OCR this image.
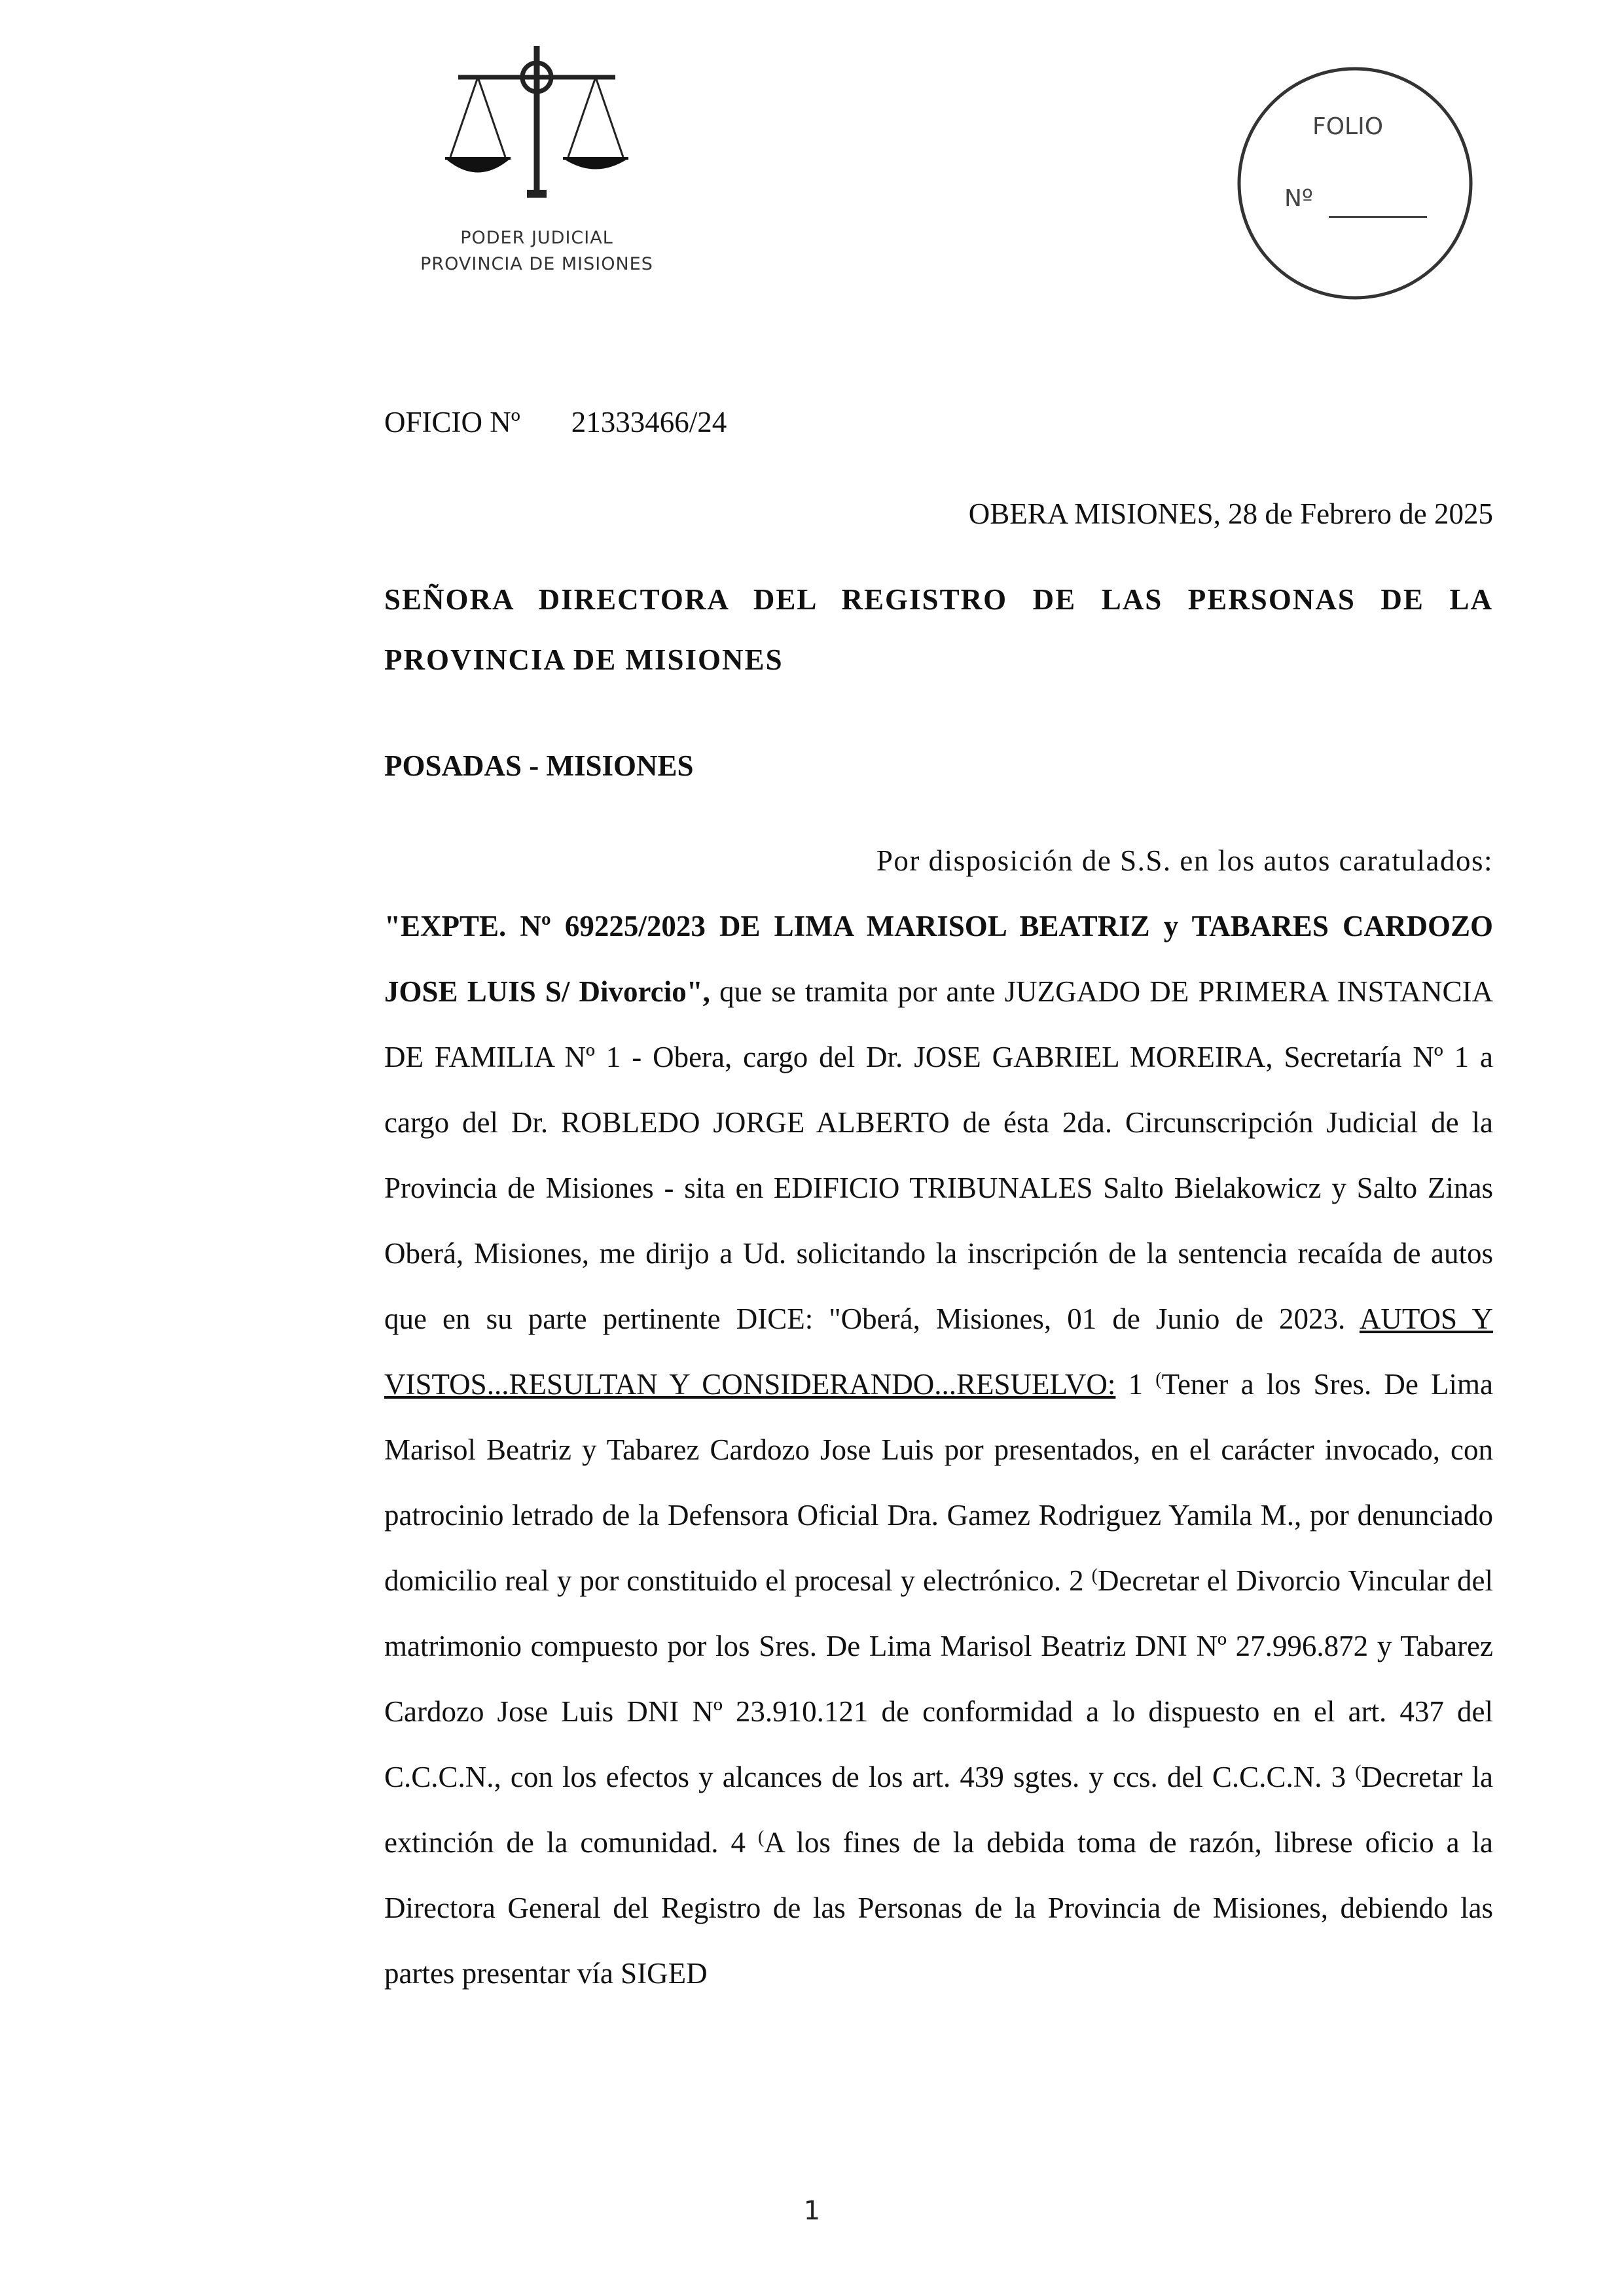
PODER JUDICIAL
PROVINCIA DE MISIONES
FOLIO
Nº
OFICIO Nº 21333466/24
OBERA MISIONES, 28 de Febrero de 2025
SEÑORA DIRECTORA DEL REGISTRO DE LAS PERSONAS DE LA PROVINCIA DE MISIONES
POSADAS - MISIONES
Por disposición de S.S. en los autos caratulados:
"EXPTE. Nº 69225/2023 DE LIMA MARISOL BEATRIZ y TABARES CARDOZO JOSE LUIS S/ Divorcio", que se tramita por ante JUZGADO DE PRIMERA INSTANCIA DE FAMILIA Nº 1 - Obera, cargo del Dr. JOSE GABRIEL MOREIRA, Secretaría Nº 1 a cargo del Dr. ROBLEDO JORGE ALBERTO de ésta 2da. Circunscripción Judicial de la Provincia de Misiones - sita en EDIFICIO TRIBUNALES Salto Bielakowicz y Salto Zinas Oberá, Misiones, me dirijo a Ud. solicitando la inscripción de la sentencia recaída de autos que en su parte pertinente DICE: "Oberá, Misiones, 01 de Junio de 2023. AUTOS Y VISTOS...RESULTAN Y CONSIDERANDO...RESUELVO: 1 (Tener a los Sres. De Lima Marisol Beatriz y Tabarez Cardozo Jose Luis por presentados, en el carácter invocado, con patrocinio letrado de la Defensora Oficial Dra. Gamez Rodriguez Yamila M., por denunciado domicilio real y por constituido el procesal y electrónico. 2 (Decretar el Divorcio Vincular del matrimonio compuesto por los Sres. De Lima Marisol Beatriz DNI Nº 27.996.872 y Tabarez Cardozo Jose Luis DNI Nº 23.910.121 de conformidad a lo dispuesto en el art. 437 del C.C.C.N., con los efectos y alcances de los art. 439 sgtes. y ccs. del C.C.C.N. 3 (Decretar la extinción de la comunidad. 4 (A los fines de la debida toma de razón, librese oficio a la Directora General del Registro de las Personas de la Provincia de Misiones, debiendo las partes presentar vía SIGED
1
